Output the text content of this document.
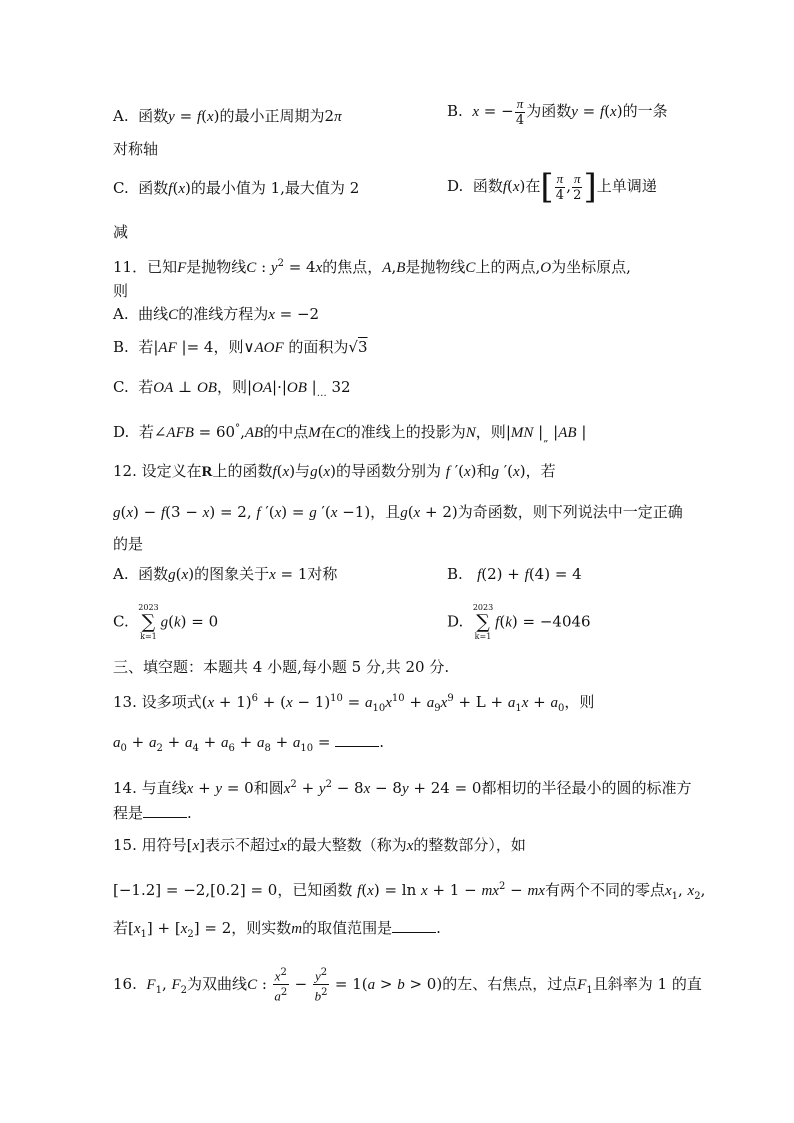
A. 函数y = f(x)的最小正周期为2π	B. x = − $\frac{\pi}{4}$ 为函数y = f(x)的一条
对称轴
C. 函数f(x)的最小值为 1,最大值为 2	D. 函数f(x)在[ $\frac{\pi}{4}$ , $\frac{\pi}{2}$ ]上单调递
减
11．已知F是抛物线C : $y^2 = 4x$的焦点，A,B是抛物线C上的两点,O为坐标原点,
则
A. 曲线C的准线方程为x = −2
B. 若|AF |= 4，则∨AOF 的面积为√3
C. 若OA ⊥ OB，则|OA|·|OB $|_\dots$ 32
D. 若∠AFB = 60°,AB的中点M在C的准线上的投影为N，则|MN $|_„$ |AB |
12. 设定义在R上的函数f(x)与g(x)的导函数分别为 f ′(x)和g ′(x)，若
g(x) − f(3 − x) = 2, f ′(x) = g ′(x −1)，且g(x + 2)为奇函数，则下列说法中一定正确
的是
A. 函数g(x)的图象关于x = 1对称	B. f(2) + f(4) = 4
C.
2023
∑
k=1
g(k) = 0	D.
2023
∑
k=1
f(k) = −4046
三、填空题：本题共 4 小题,每小题 5 分,共 20 分.
13. 设多项式$(x + 1)^6 + (x - 1)^{10} = a_{10}x^{10} + a_9x^9 + L + a_1x + a_0$，则
$a_0 + a_2 + a_4 + a_6 + a_8 + a_{10}$ =	.
14. 与直线x + y = 0和圆$x^2 + y^2 - 8x - 8y + 24 = 0$都相切的半径最小的圆的标准方
程是	.
15. 用符号[x]表示不超过x的最大整数（称为x的整数部分），如
[−1.2] = −2,[0.2] = 0，已知函数 $f(x) = \ln x + 1 - mx^2$ − mx有两个不同的零点$x_1$, $x_2$,
若$[x_1] + [x_2] = 2$，则实数m的取值范围是	.
16. $F_1$, $F_2$为双曲线C : $\frac{x^2}{a^2} - \frac{y^2}{b^2} = 1(a > b > 0)$的左、右焦点，过点$F_1$且斜率为 1 的直
